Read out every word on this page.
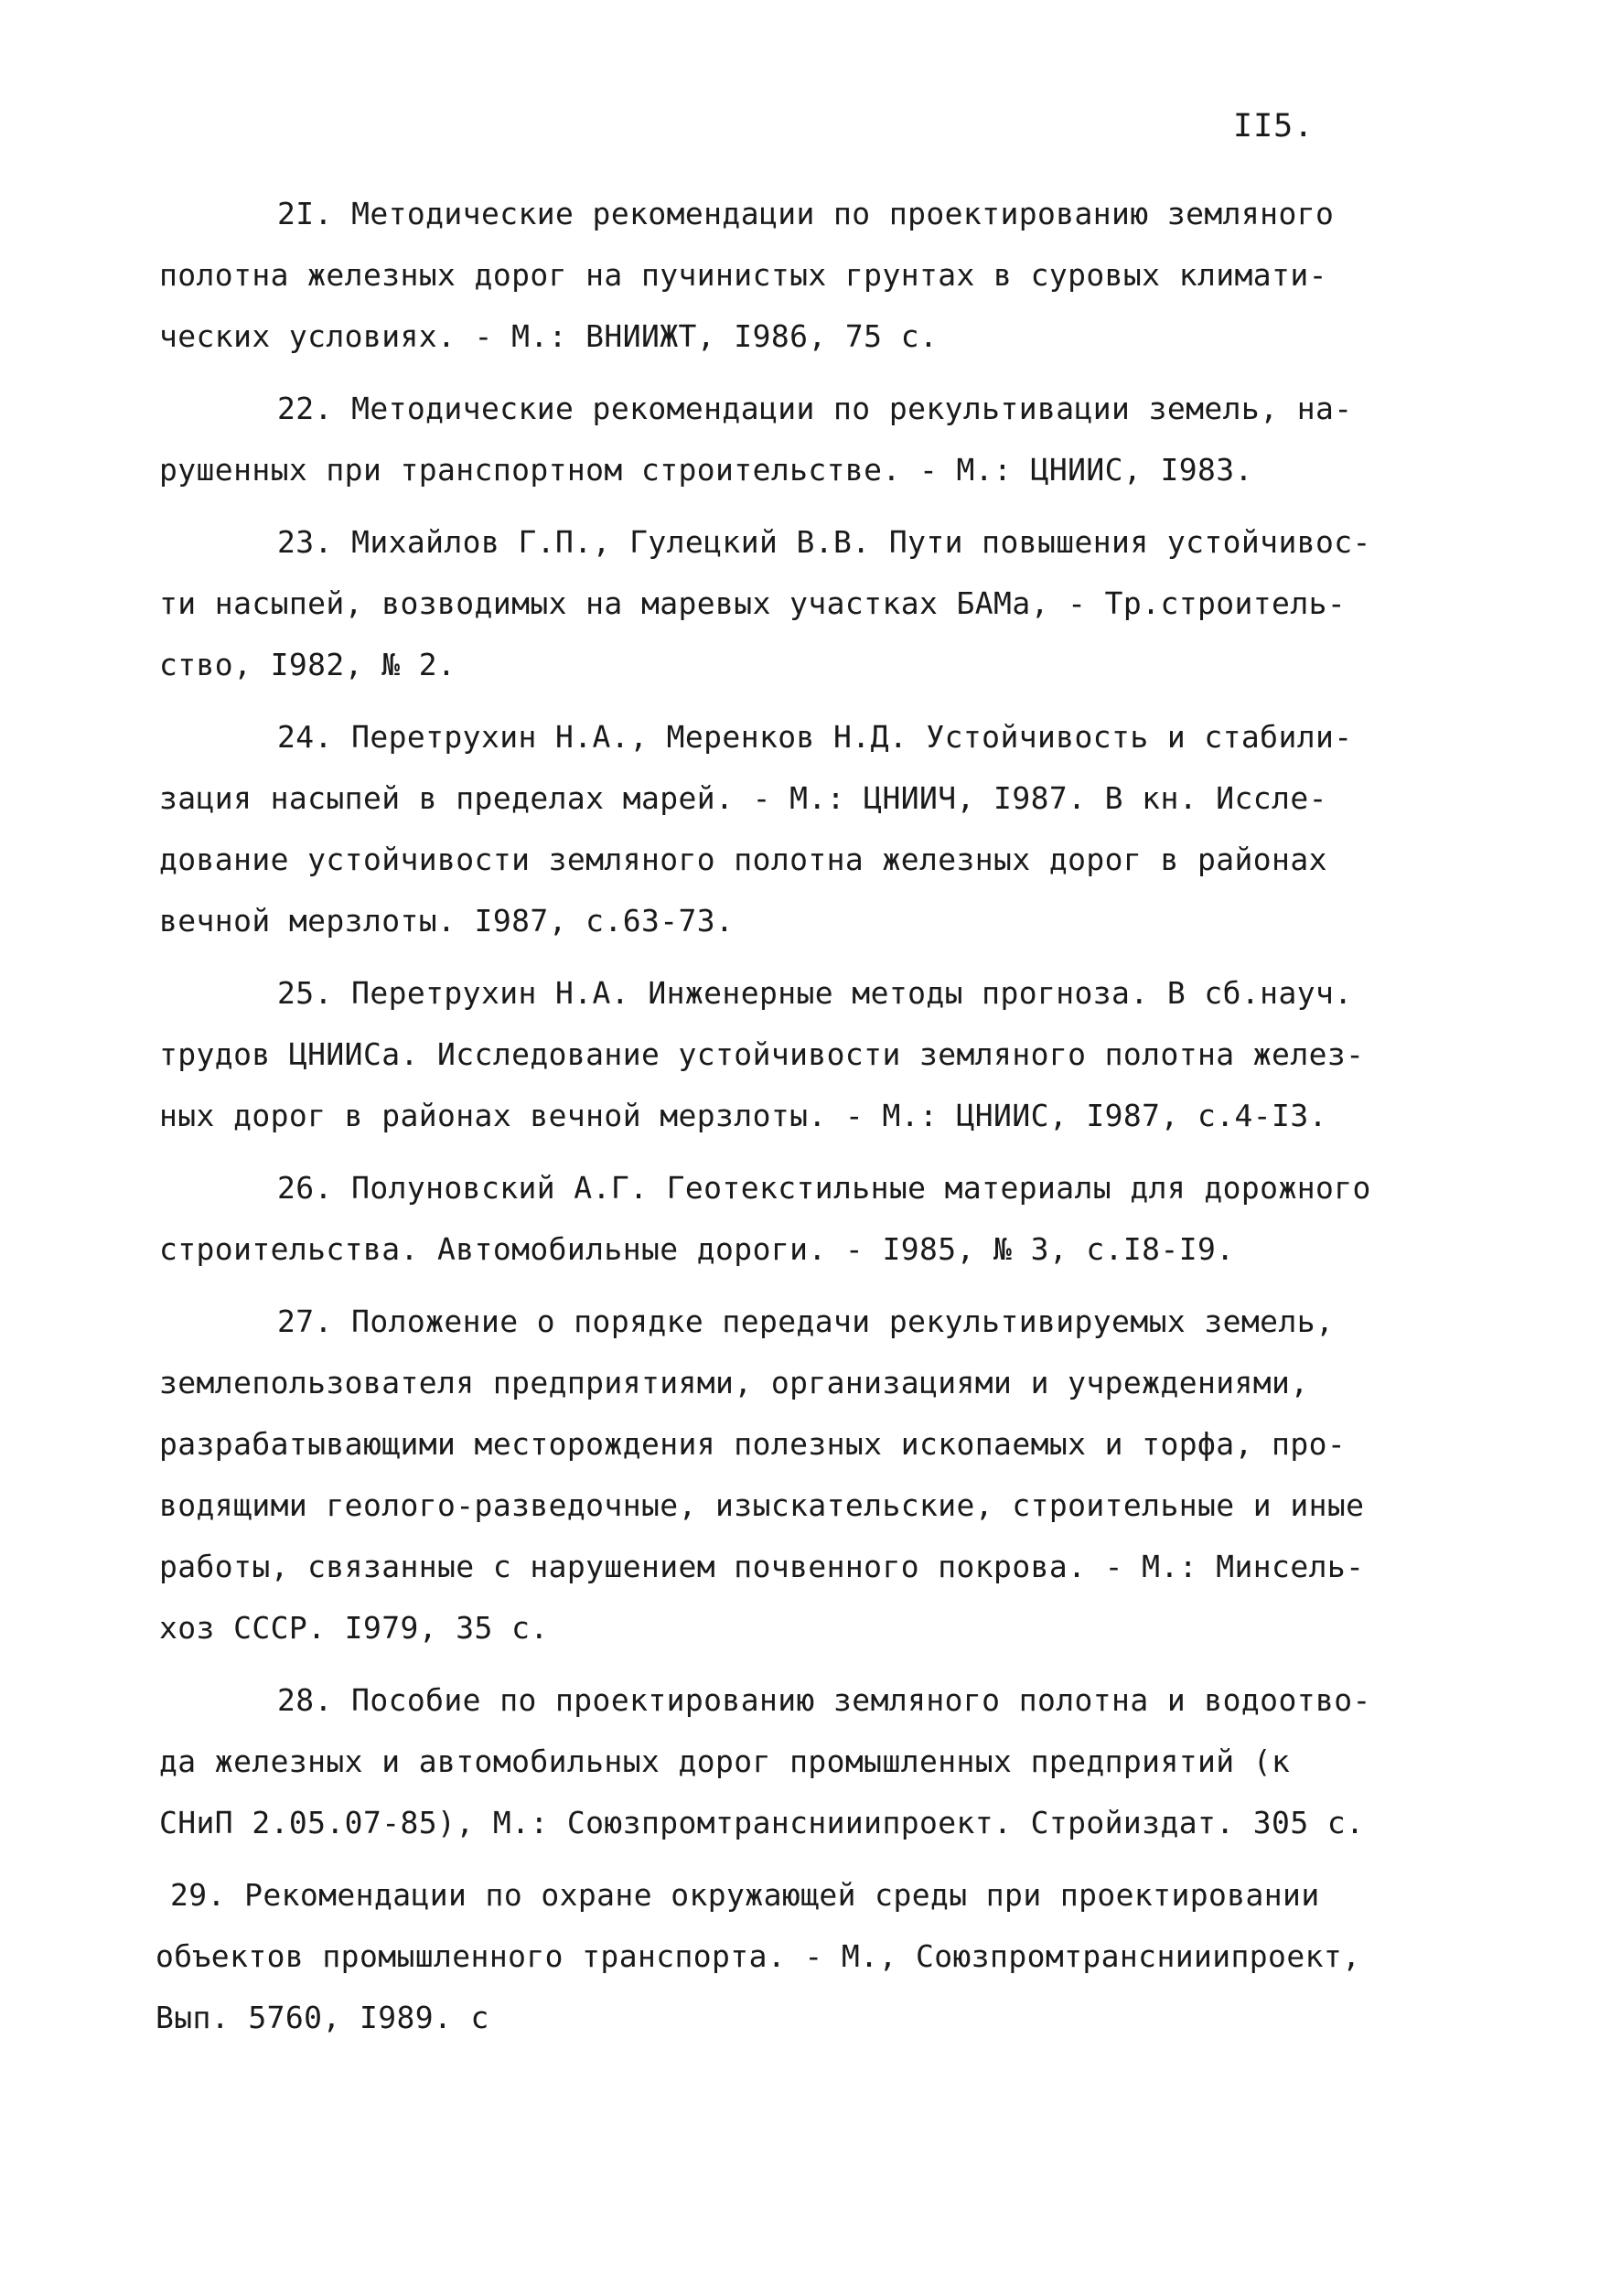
II5.
2I. Методические рекомендации по проектированию земляного
полотна железных дорог на пучинистых грунтах в суровых климати-
ческих условиях. - М.: ВНИИЖТ, I986, 75 с.
22. Методические рекомендации по рекультивации земель, на-
рушенных при транспортном строительстве. - М.: ЦНИИС, I983.
23. Михайлов Г.П., Гулецкий В.В. Пути повышения устойчивос-
ти насыпей, возводимых на маревых участках БАМа, - Тр.строитель-
ство, I982, № 2.
24. Перетрухин Н.А., Меренков Н.Д. Устойчивость и стабили-
зация насыпей в пределах марей. - М.: ЦНИИЧ, I987. В кн. Иссле-
дование устойчивости земляного полотна железных дорог в районах
вечной мерзлоты. I987, с.63-73.
25. Перетрухин Н.А. Инженерные методы прогноза. В сб.науч.
трудов ЦНИИСа. Исследование устойчивости земляного полотна желез-
ных дорог в районах вечной мерзлоты. - М.: ЦНИИС, I987, с.4-I3.
26. Полуновский А.Г. Геотекстильные материалы для дорожного
строительства. Автомобильные дороги. - I985, № 3, с.I8-I9.
27. Положение о порядке передачи рекультивируемых земель,
землепользователя предприятиями, организациями и учреждениями,
разрабатывающими месторождения полезных ископаемых и торфа, про-
водящими геолого-разведочные, изыскательские, строительные и иные
работы, связанные с нарушением почвенного покрова. - М.: Минсель-
хоз СССР. I979, 35 с.
28. Пособие по проектированию земляного полотна и водоотво-
да железных и автомобильных дорог промышленных предприятий (к
СНиП 2.05.07-85), М.: Союзпромтранснииипроект. Стройиздат. 305 с.
29. Рекомендации по охране окружающей среды при проектировании
объектов промышленного транспорта. - М., Союзпромтранснииипроект,
Вып. 5760, I989. с
